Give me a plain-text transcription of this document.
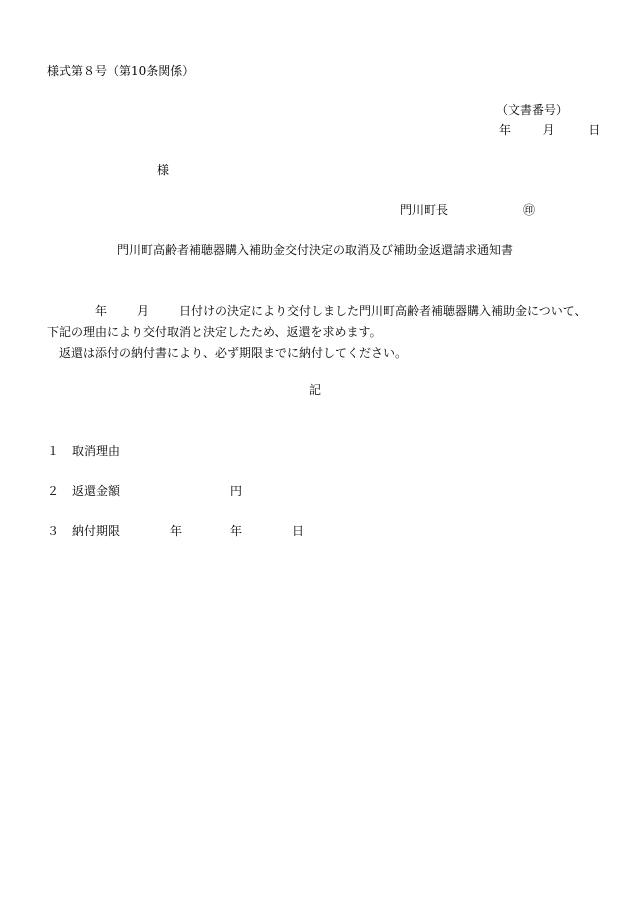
様式第８号（第10条関係）
（文書番号）
年	月	日
様
門川町長	㊞
門川町高齢者補聴器購入補助金交付決定の取消及び補助金返還請求通知書
年	月	日付けの決定により交付しました門川町高齢者補聴器購入補助金について、
下記の理由により交付取消と決定したため、返還を求めます。
返還は添付の納付書により、必ず期限までに納付してください。
記
１ 取消理由
２ 返還金額	円
３ 納付期限	年	年	日
